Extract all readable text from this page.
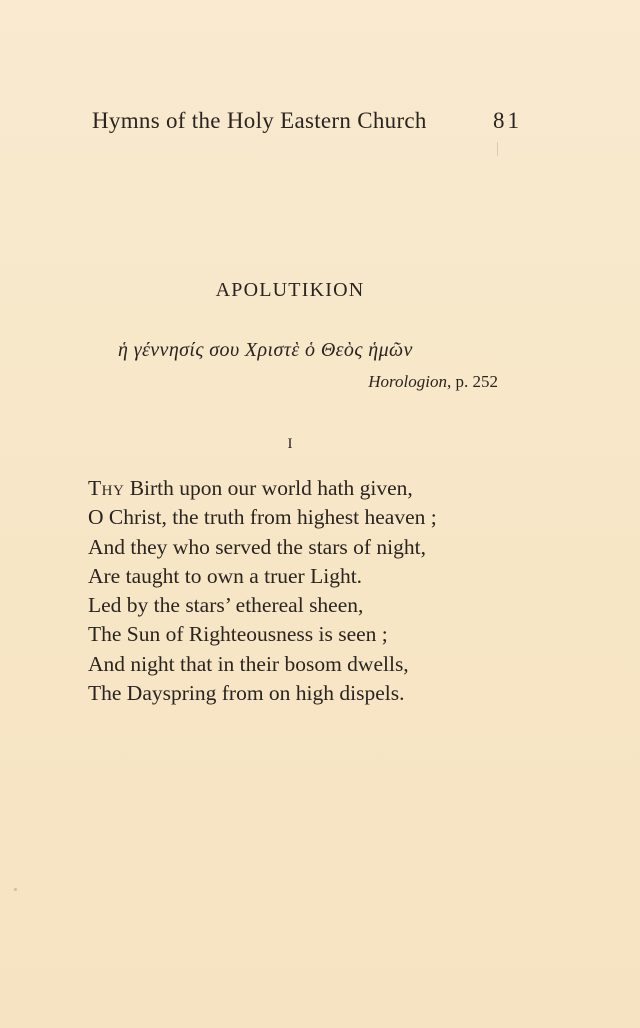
Hymns of the Holy Eastern Church	81
APOLUTIKION
ἡ γέννησίς σου Χριστὲ ὁ Θεὸς ἡμῶν
Horologion, p. 252
I
Thy Birth upon our world hath given,
O Christ, the truth from highest heaven ;
And they who served the stars of night,
Are taught to own a truer Light.
Led by the stars’ ethereal sheen,
The Sun of Righteousness is seen ;
And night that in their bosom dwells,
The Dayspring from on high dispels.
